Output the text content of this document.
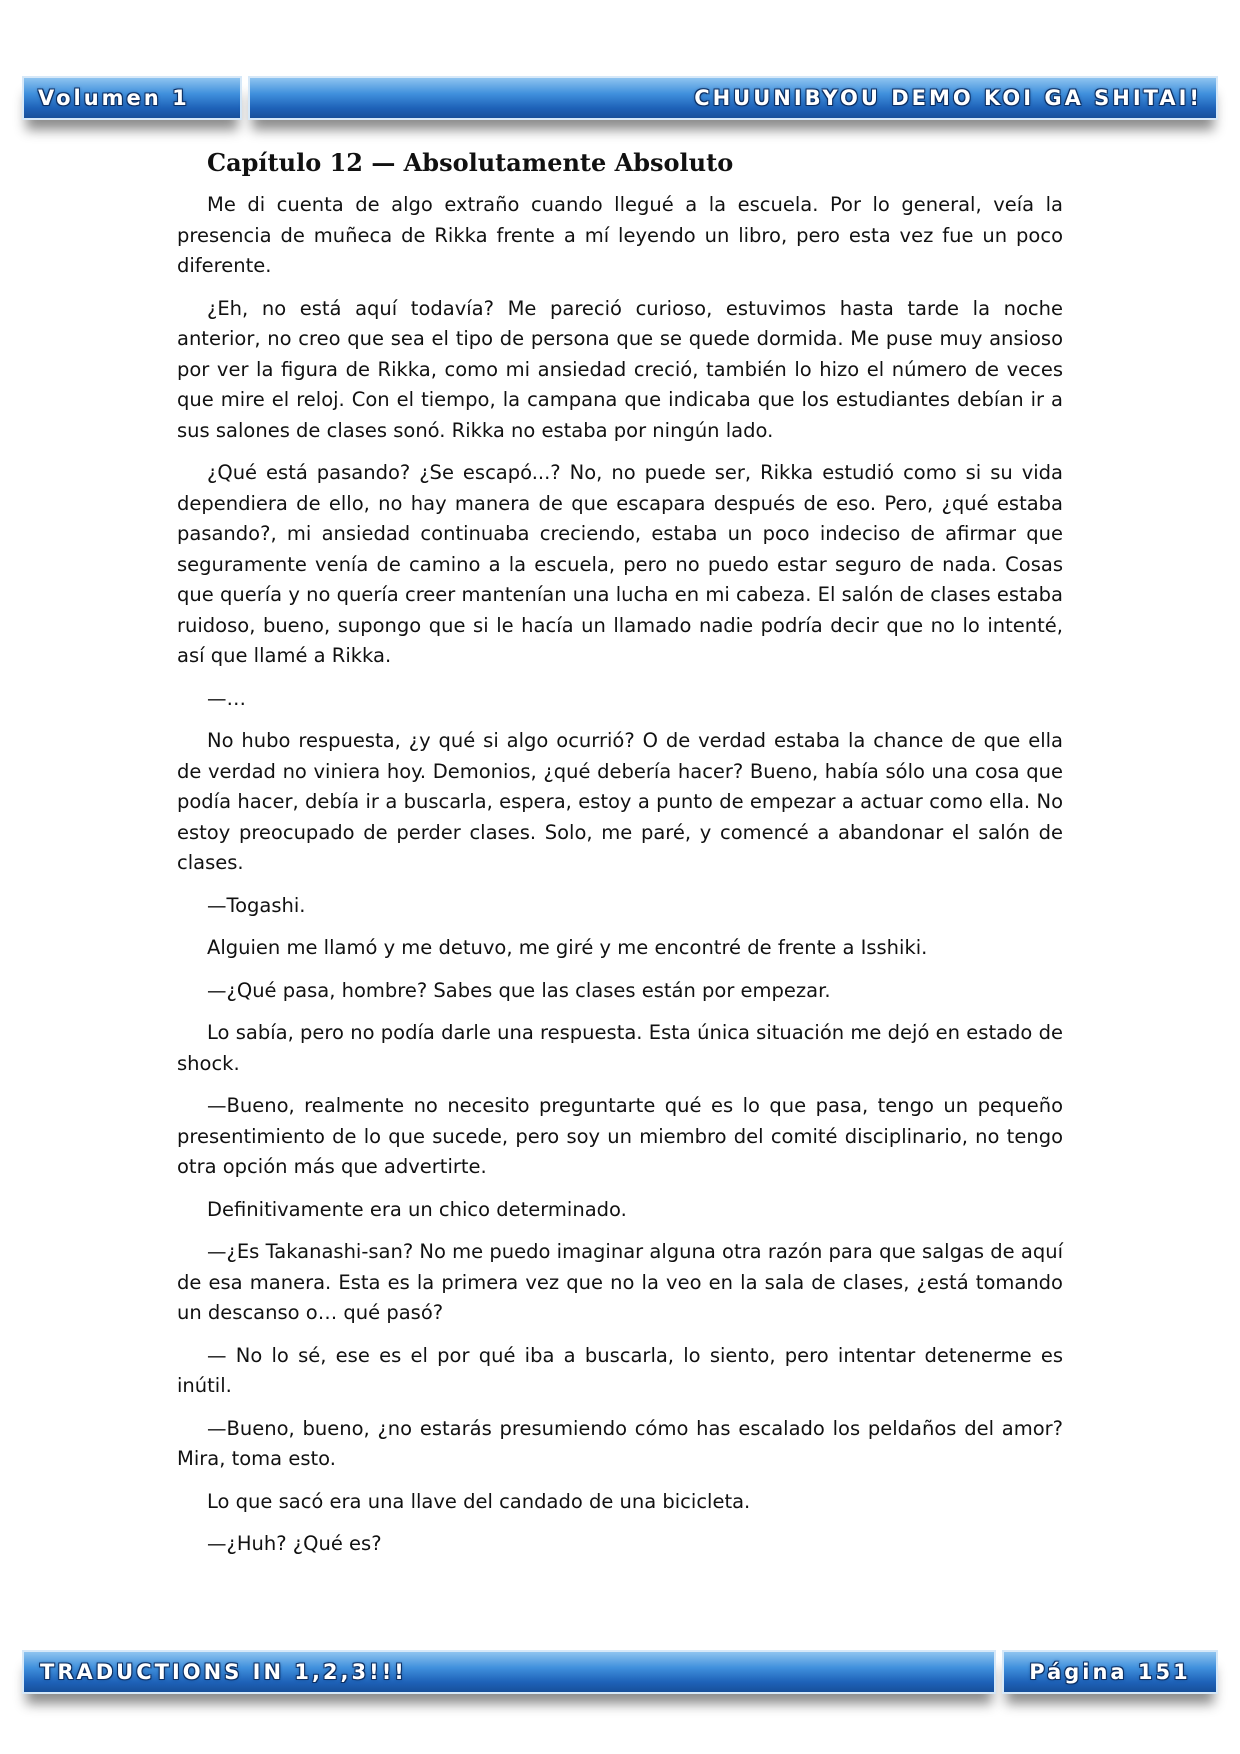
Volumen 1	CHUUNIBYOU DEMO KOI GA SHITAI!
Capítulo 12 — Absolutamente Absoluto

Me di cuenta de algo extraño cuando llegué a la escuela. Por lo general, veía la presencia de muñeca de Rikka frente a mí leyendo un libro, pero esta vez fue un poco diferente.

¿Eh, no está aquí todavía? Me pareció curioso, estuvimos hasta tarde la noche anterior, no creo que sea el tipo de persona que se quede dormida. Me puse muy ansioso por ver la figura de Rikka, como mi ansiedad creció, también lo hizo el número de veces que mire el reloj. Con el tiempo, la campana que indicaba que los estudiantes debían ir a sus salones de clases sonó. Rikka no estaba por ningún lado.

¿Qué está pasando? ¿Se escapó...? No, no puede ser, Rikka estudió como si su vida dependiera de ello, no hay manera de que escapara después de eso. Pero, ¿qué estaba pasando?, mi ansiedad continuaba creciendo, estaba un poco indeciso de afirmar que seguramente venía de camino a la escuela, pero no puedo estar seguro de nada. Cosas que quería y no quería creer mantenían una lucha en mi cabeza. El salón de clases estaba ruidoso, bueno, supongo que si le hacía un llamado nadie podría decir que no lo intenté, así que llamé a Rikka.

—…

No hubo respuesta, ¿y qué si algo ocurrió? O de verdad estaba la chance de que ella de verdad no viniera hoy. Demonios, ¿qué debería hacer? Bueno, había sólo una cosa que podía hacer, debía ir a buscarla, espera, estoy a punto de empezar a actuar como ella. No estoy preocupado de perder clases. Solo, me paré, y comencé a abandonar el salón de clases.

—Togashi.

Alguien me llamó y me detuvo, me giré y me encontré de frente a Isshiki.

—¿Qué pasa, hombre? Sabes que las clases están por empezar.

Lo sabía, pero no podía darle una respuesta. Esta única situación me dejó en estado de shock.

—Bueno, realmente no necesito preguntarte qué es lo que pasa, tengo un pequeño presentimiento de lo que sucede, pero soy un miembro del comité disciplinario, no tengo otra opción más que advertirte.

Definitivamente era un chico determinado.

—¿Es Takanashi-san? No me puedo imaginar alguna otra razón para que salgas de aquí de esa manera. Esta es la primera vez que no la veo en la sala de clases, ¿está tomando un descanso o… qué pasó?

— No lo sé, ese es el por qué iba a buscarla, lo siento, pero intentar detenerme es inútil.

—Bueno, bueno, ¿no estarás presumiendo cómo has escalado los peldaños del amor? Mira, toma esto.

Lo que sacó era una llave del candado de una bicicleta.

—¿Huh? ¿Qué es?

TRADUCTIONS IN 1,2,3!!!	Página 151
